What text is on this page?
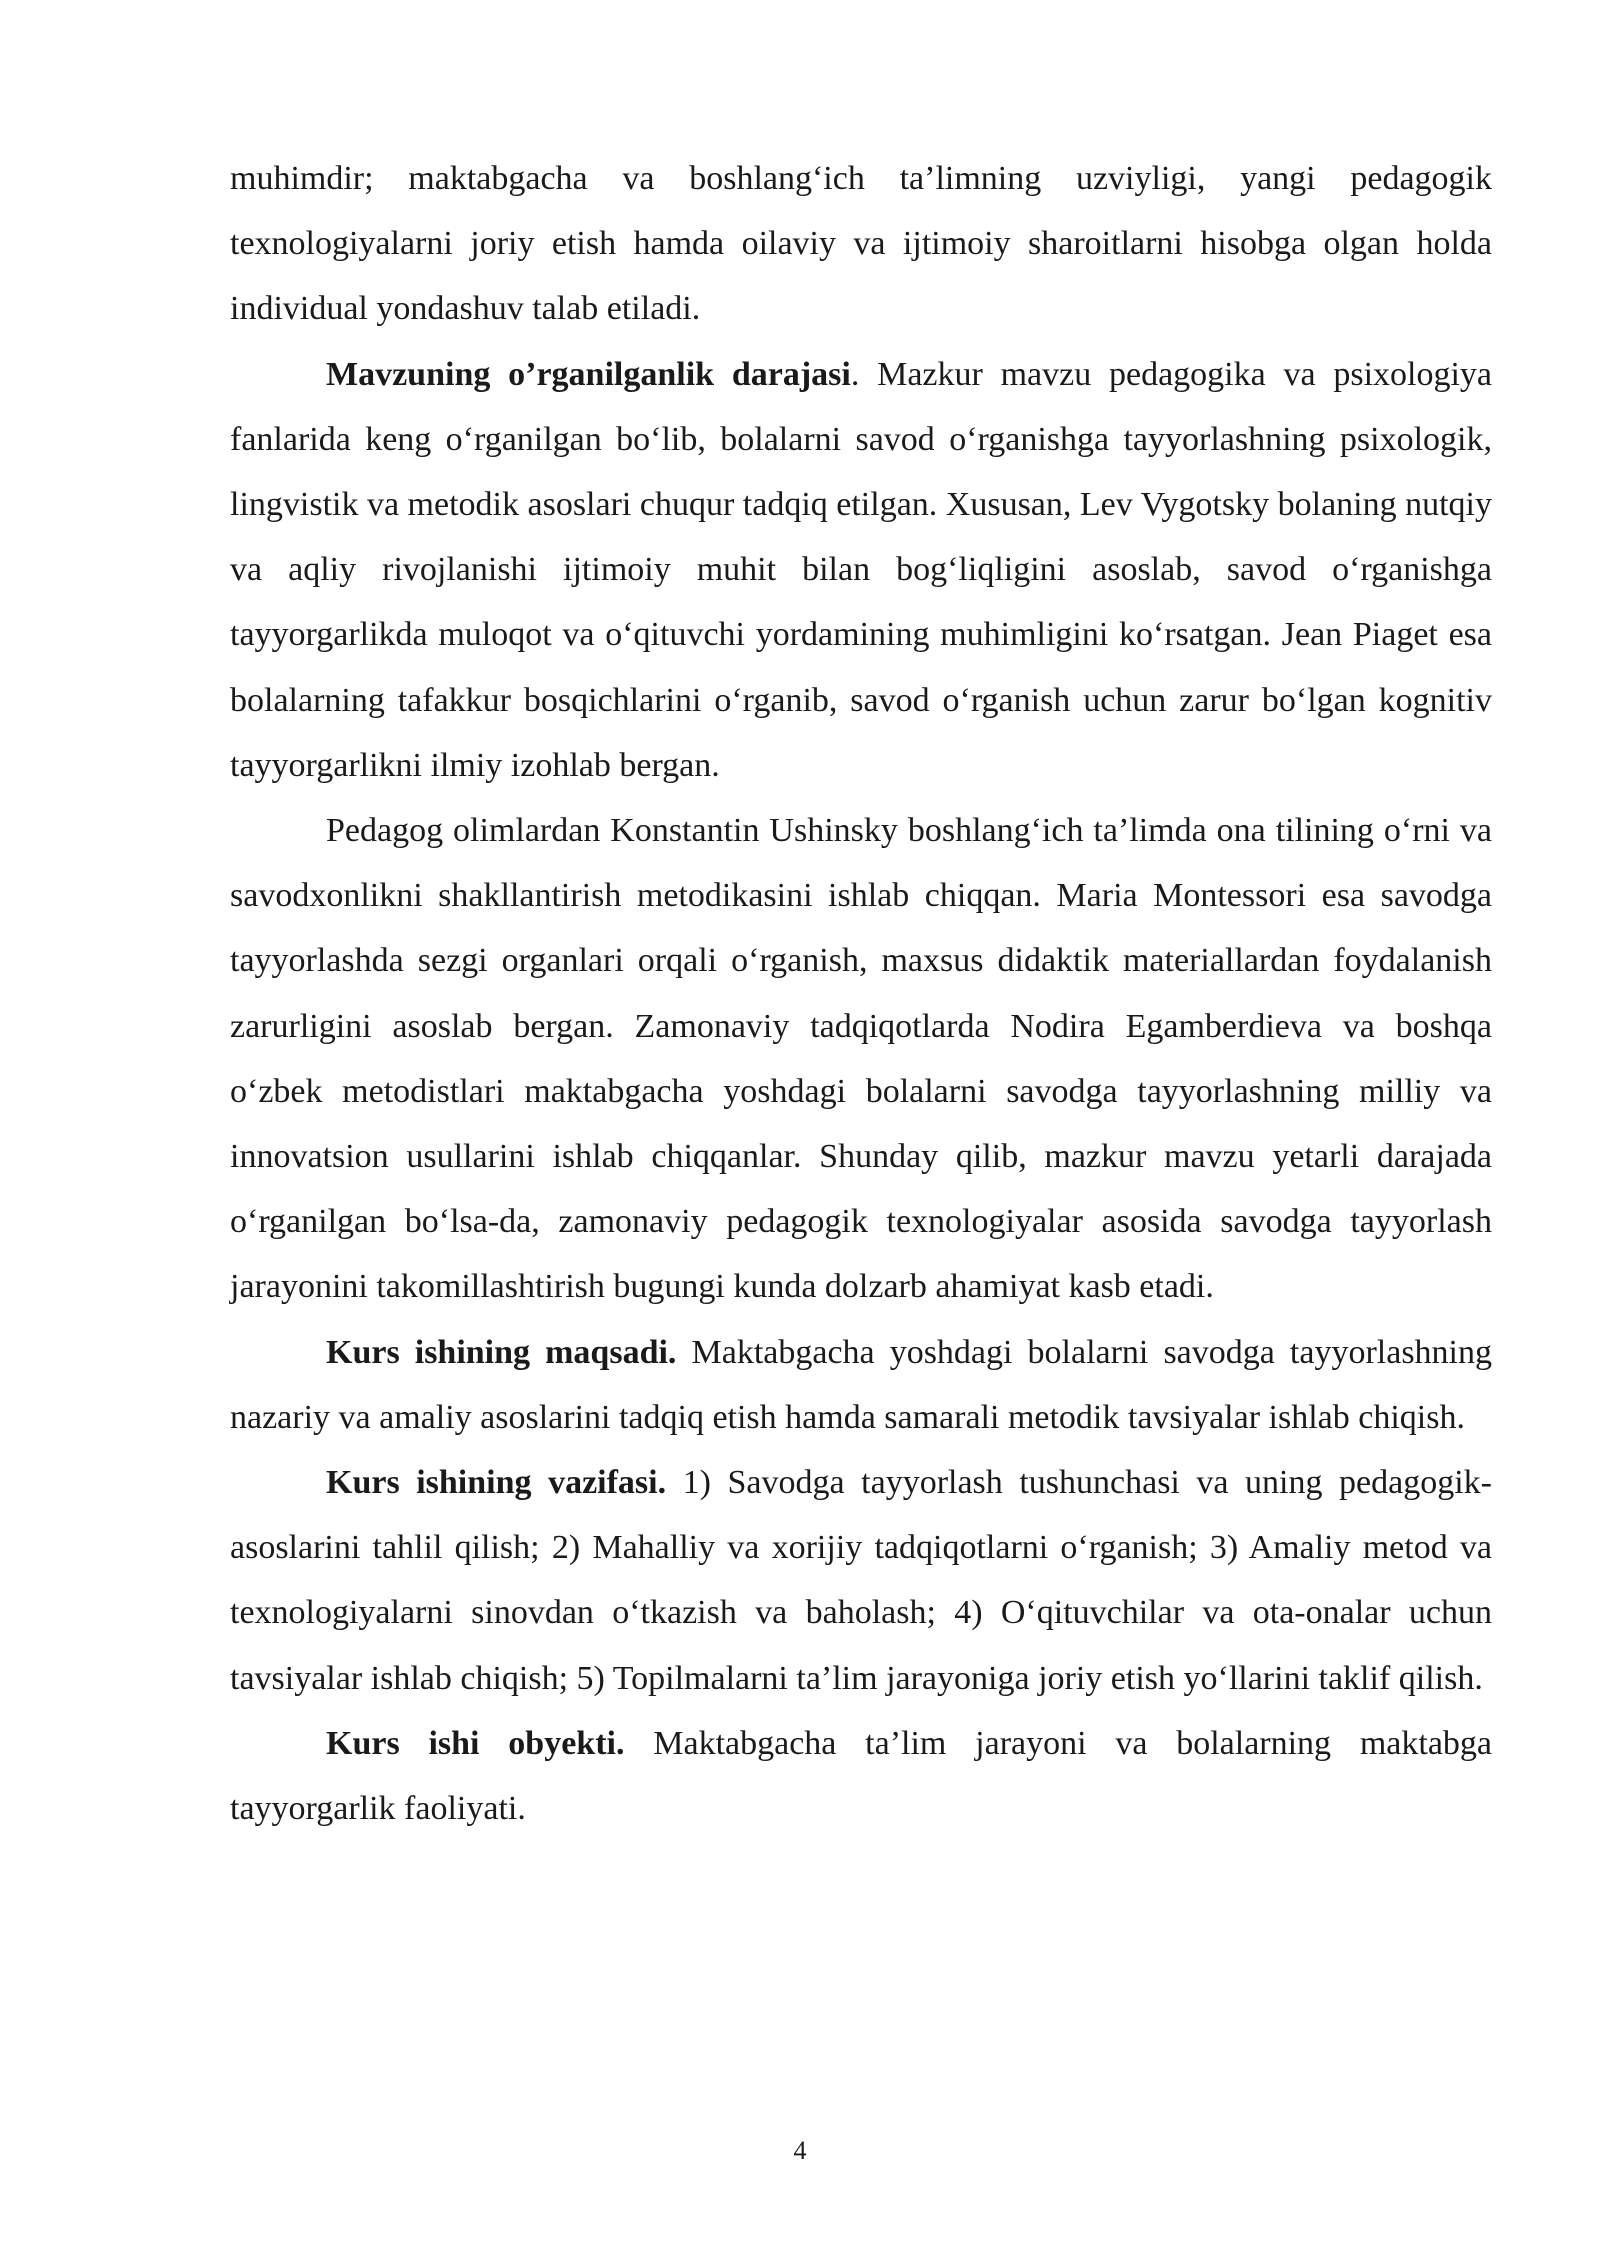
muhimdir; maktabgacha va boshlang‘ich ta’limning uzviyligi, yangi pedagogik texnologiyalarni joriy etish hamda oilaviy va ijtimoiy sharoitlarni hisobga olgan holda individual yondashuv talab etiladi.

Mavzuning o’rganilganlik darajasi. Mazkur mavzu pedagogika va psixologiya fanlarida keng o‘rganilgan bo‘lib, bolalarni savod o‘rganishga tayyorlashning psixologik, lingvistik va metodik asoslari chuqur tadqiq etilgan. Xususan, Lev Vygotsky bolaning nutqiy va aqliy rivojlanishi ijtimoiy muhit bilan bog‘liqligini asoslab, savod o‘rganishga tayyorgarlikda muloqot va o‘qituvchi yordamining muhimligini ko‘rsatgan. Jean Piaget esa bolalarning tafakkur bosqichlarini o‘rganib, savod o‘rganish uchun zarur bo‘lgan kognitiv tayyorgarlikni ilmiy izohlab bergan.

Pedagog olimlardan Konstantin Ushinsky boshlang‘ich ta’limda ona tilining o‘rni va savodxonlikni shakllantirish metodikasini ishlab chiqqan. Maria Montessori esa savodga tayyorlashda sezgi organlari orqali o‘rganish, maxsus didaktik materiallardan foydalanish zarurligini asoslab bergan. Zamonaviy tadqiqotlarda Nodira Egamberdieva va boshqa o‘zbek metodistlari maktabgacha yoshdagi bolalarni savodga tayyorlashning milliy va innovatsion usullarini ishlab chiqqanlar. Shunday qilib, mazkur mavzu yetarli darajada o‘rganilgan bo‘lsa-da, zamonaviy pedagogik texnologiyalar asosida savodga tayyorlash jarayonini takomillashtirish bugungi kunda dolzarb ahamiyat kasb etadi.

Kurs ishining maqsadi. Maktabgacha yoshdagi bolalarni savodga tayyorlashning nazariy va amaliy asoslarini tadqiq etish hamda samarali metodik tavsiyalar ishlab chiqish.

Kurs ishining vazifasi. 1) Savodga tayyorlash tushunchasi va uning pedagogik-asoslarini tahlil qilish; 2) Mahalliy va xorijiy tadqiqotlarni o‘rganish; 3) Amaliy metod va texnologiyalarni sinovdan o‘tkazish va baholash; 4) O‘qituvchilar va ota-onalar uchun tavsiyalar ishlab chiqish; 5) Topilmalarni ta’lim jarayoniga joriy etish yo‘llarini taklif qilish.

Kurs ishi obyekti. Maktabgacha ta’lim jarayoni va bolalarning maktabga tayyorgarlik faoliyati.

4
